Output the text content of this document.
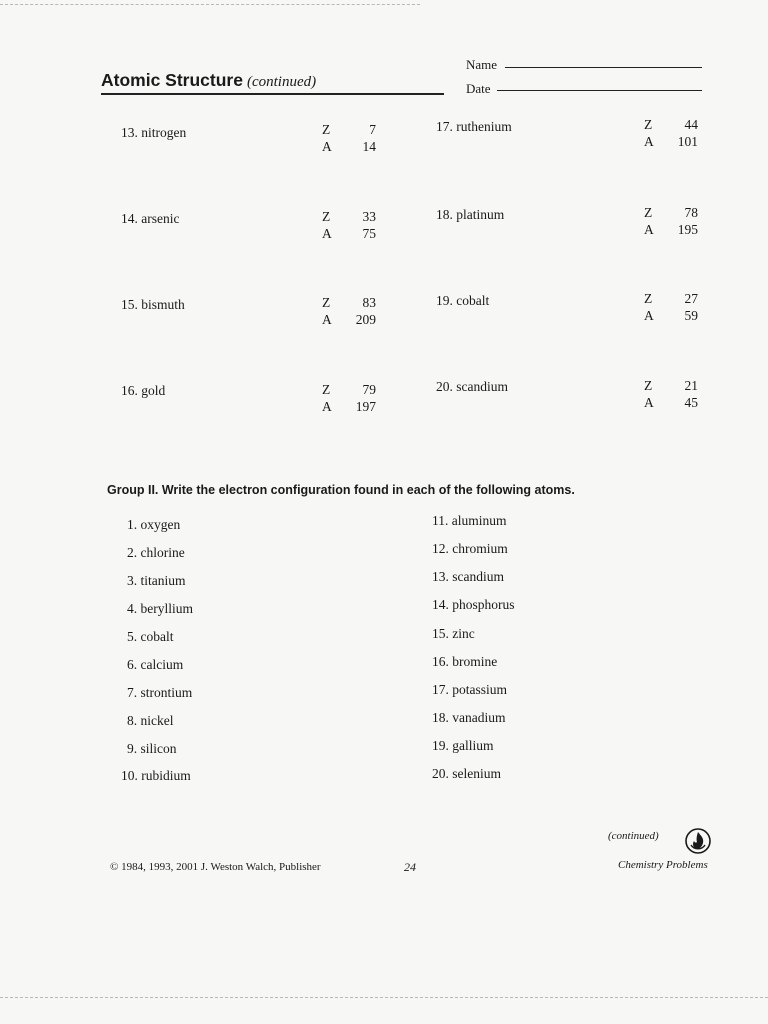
Atomic Structure (continued)
Name
Date
13. nitrogen	Z	7
A	14
14. arsenic	Z	33
A	75
15. bismuth	Z	83
A	209
16. gold	Z	79
A	197
17. ruthenium	Z	44
A	101
18. platinum	Z	78
A	195
19. cobalt	Z	27
A	59
20. scandium	Z	21
A	45
Group II. Write the electron configuration found in each of the following atoms.
1. oxygen
2. chlorine
3. titanium
4. beryllium
5. cobalt
6. calcium
7. strontium
8. nickel
9. silicon
10. rubidium
11. aluminum
12. chromium
13. scandium
14. phosphorus
15. zinc
16. bromine
17. potassium
18. vanadium
19. gallium
20. selenium
(continued)
© 1984, 1993, 2001 J. Weston Walch, Publisher	24	Chemistry Problems
